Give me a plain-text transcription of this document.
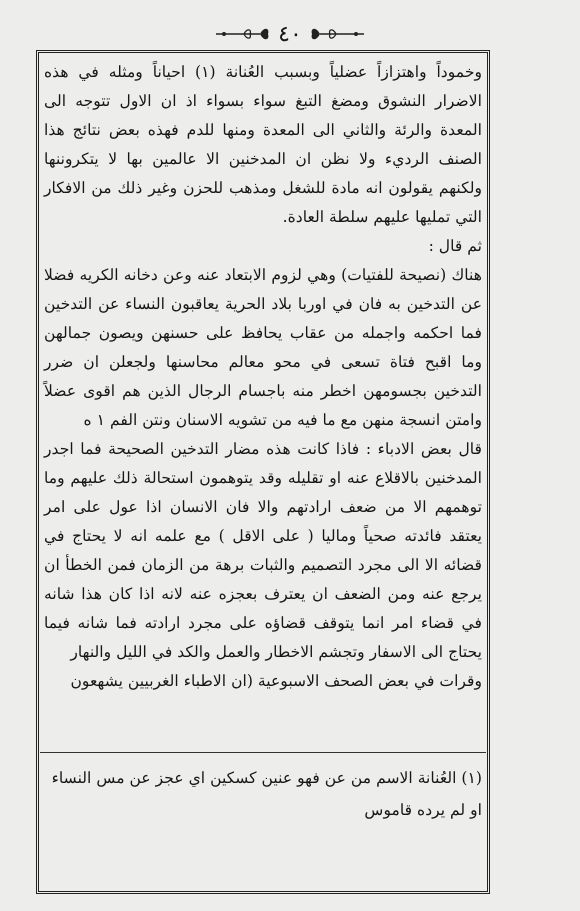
٤٠

وخموداً واهتزازاً عضلياً وبسبب العُنانة (١) احياناً ومثله في هذه الاضرار النشوق ومضغ التبغ سواء بسواء اذ ان الاول تتوجه الى المعدة والرئة والثاني الى المعدة ومنها للدم فهذه بعض نتائج هذا الصنف الرديء ولا نظن ان المدخنين الا عالمين بها لا يتكروننها ولكنهم يقولون انه مادة للشغل ومذهب للحزن وغير ذلك من الافكار التي تمليها عليهم سلطة العادة.

ثم قال :

هناك (نصيحة للفتيات) وهي لزوم الابتعاد عنه وعن دخانه الكريه فضلا عن التدخين به فان في اوربا بلاد الحرية يعاقبون النساء عن التدخين فما احكمه واجمله من عقاب يحافظ على حسنهن ويصون جمالهن وما اقبح فتاة تسعى في محو معالم محاسنها ولجعلن ان ضرر التدخين بجسومهن اخطر منه باجسام الرجال الذين هم اقوى عضلاً وامتن انسجة منهن مع ما فيه من تشويه الاسنان ونتن الفم ١ ه

قال بعض الادباء : فاذا كانت هذه مضار التدخين الصحيحة فما اجدر المدخنين بالاقلاع عنه او تقليله وقد يتوهمون استحالة ذلك عليهم وما توهمهم الا من ضعف ارادتهم والا فان الانسان اذا عول على امر يعتقد فائدته صحياً وماليا ( على الاقل ) مع علمه انه لا يحتاج في قضائه الا الى مجرد التصميم والثبات برهة من الزمان فمن الخطأ ان يرجع عنه ومن الضعف ان يعترف بعجزه عنه لانه اذا كان هذا شانه في قضاء امر انما يتوقف قضاؤه على مجرد ارادته فما شانه فيما يحتاج الى الاسفار وتجشم الاخطار والعمل والكد في الليل والنهار

وقرات في بعض الصحف الاسبوعية (ان الاطباء الغربيين يشهعون

(١) العُنانة الاسم من عن فهو عنين كسكين اي عجز عن مس النساء

او لم يرده قاموس
